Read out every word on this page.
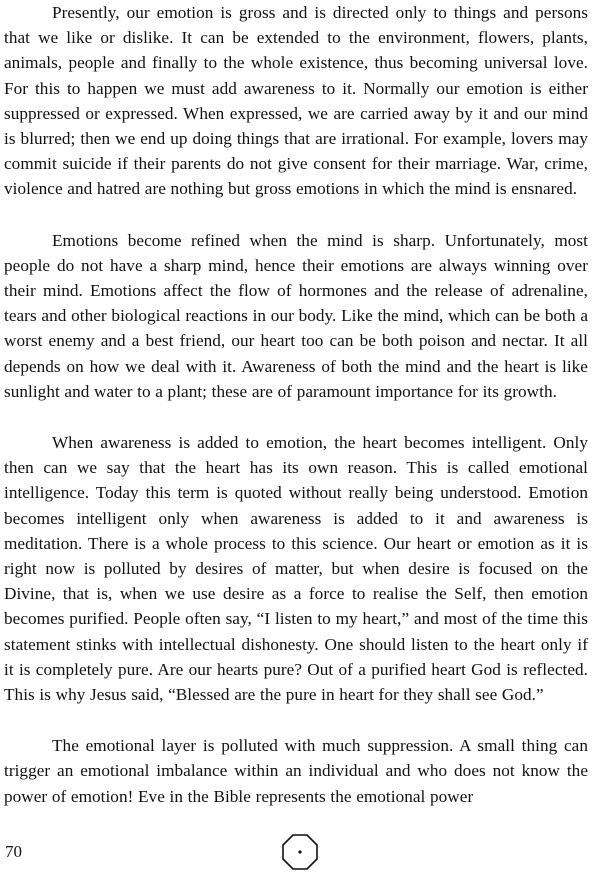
Presently, our emotion is gross and is directed only to things and persons that we like or dislike. It can be extended to the environment, flowers, plants, animals, people and finally to the whole existence, thus becoming universal love. For this to happen we must add awareness to it. Normally our emotion is either suppressed or expressed. When expressed, we are carried away by it and our mind is blurred; then we end up doing things that are irrational. For example, lovers may commit suicide if their parents do not give consent for their marriage. War, crime, violence and hatred are nothing but gross emotions in which the mind is ensnared.

Emotions become refined when the mind is sharp. Unfortunately, most people do not have a sharp mind, hence their emotions are always winning over their mind. Emotions affect the flow of hormones and the release of adrenaline, tears and other biological reactions in our body. Like the mind, which can be both a worst enemy and a best friend, our heart too can be both poison and nectar. It all depends on how we deal with it. Awareness of both the mind and the heart is like sunlight and water to a plant; these are of paramount importance for its growth.

When awareness is added to emotion, the heart becomes intelligent. Only then can we say that the heart has its own reason. This is called emotional intelligence. Today this term is quoted without really being understood. Emotion becomes intelligent only when awareness is added to it and awareness is meditation. There is a whole process to this science. Our heart or emotion as it is right now is polluted by desires of matter, but when desire is focused on the Divine, that is, when we use desire as a force to realise the Self, then emotion becomes purified. People often say, “I listen to my heart,” and most of the time this statement stinks with intellectual dishonesty. One should listen to the heart only if it is completely pure. Are our hearts pure? Out of a purified heart God is reflected. This is why Jesus said, “Blessed are the pure in heart for they shall see God.”

The emotional layer is polluted with much suppression. A small thing can trigger an emotional imbalance within an individual and who does not know the power of emotion! Eve in the Bible represents the emotional power

70
